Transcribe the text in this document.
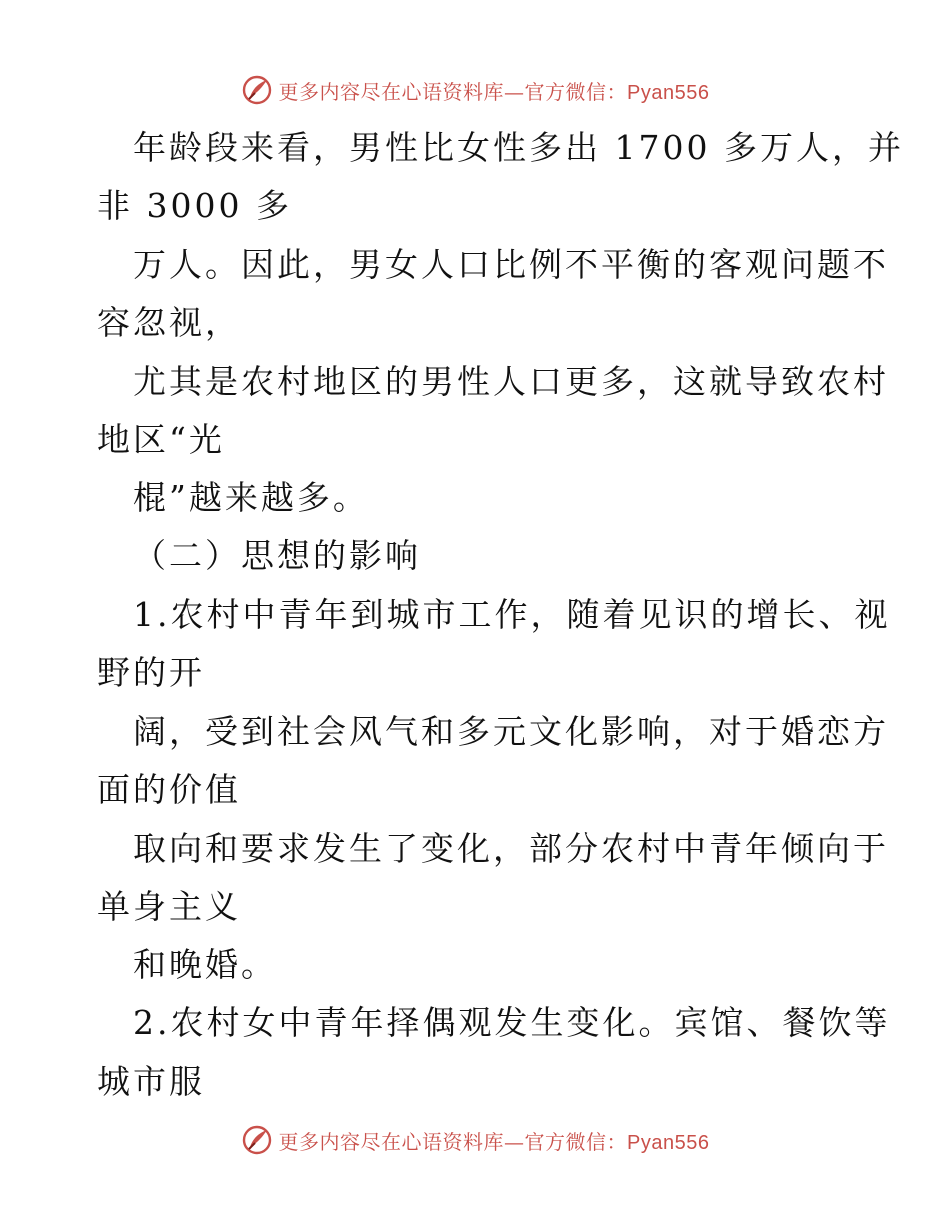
更多内容尽在心语资料库—官方微信：Pyan556
年龄段来看，男性比女性多出 1700 多万人，并
非 3000 多
万人。因此，男女人口比例不平衡的客观问题不
容忽视，
尤其是农村地区的男性人口更多，这就导致农村
地区“光
棍”越来越多。
（二）思想的影响
1.农村中青年到城市工作，随着见识的增长、视
野的开
阔，受到社会风气和多元文化影响，对于婚恋方
面的价值
取向和要求发生了变化，部分农村中青年倾向于
单身主义
和晚婚。
2.农村女中青年择偶观发生变化。宾馆、餐饮等
城市服
更多内容尽在心语资料库—官方微信：Pyan556
